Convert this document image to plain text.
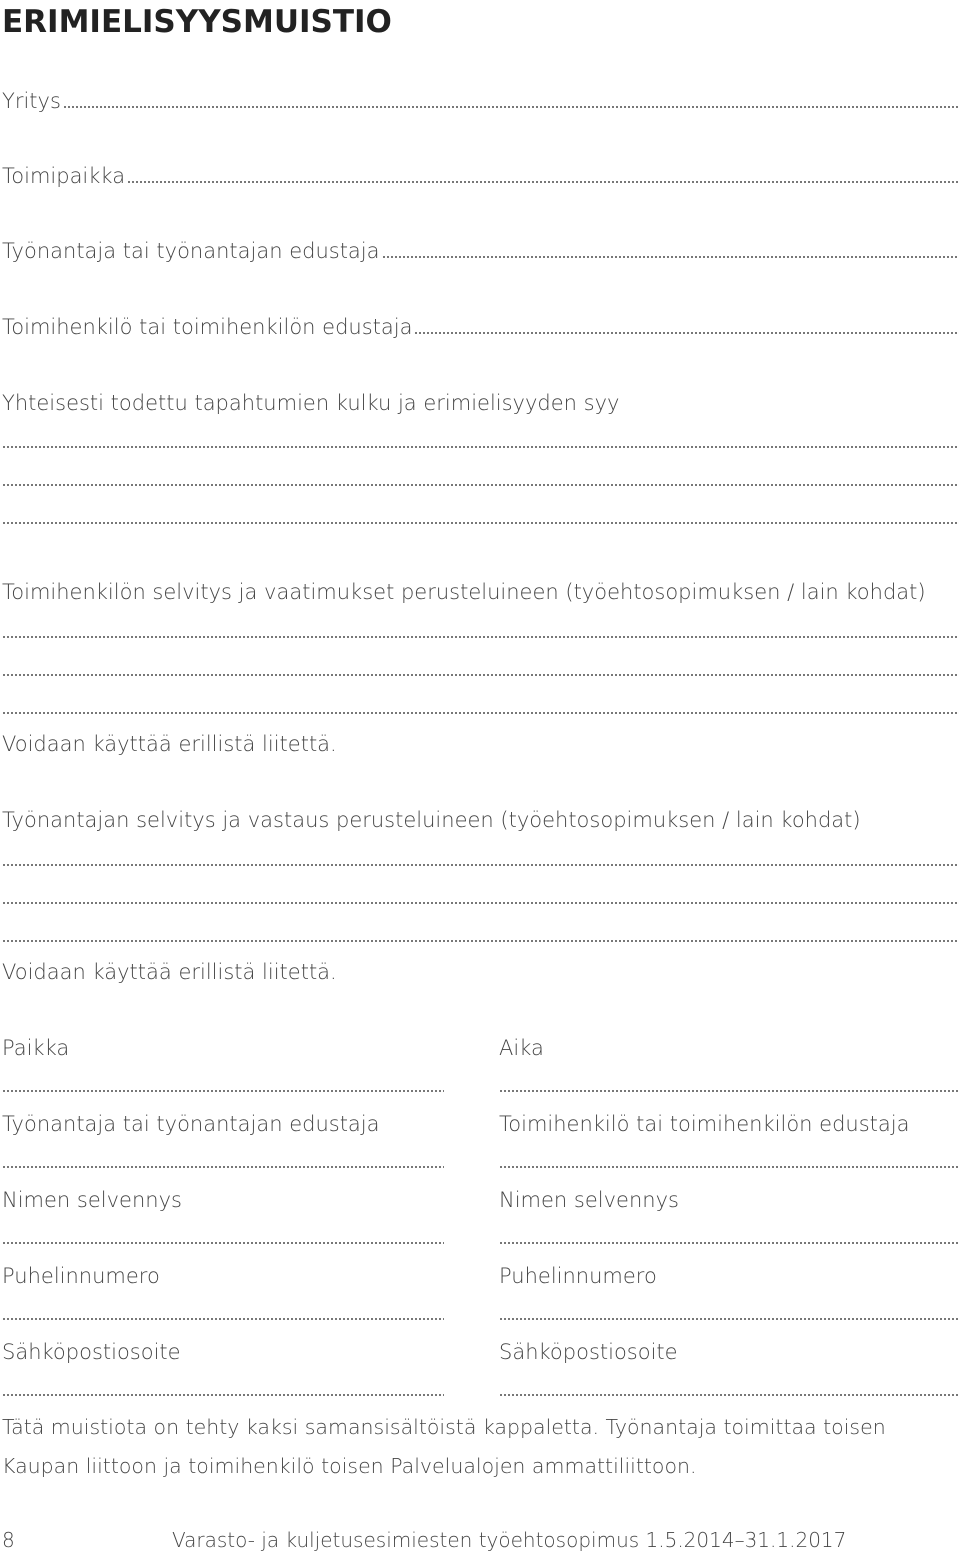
ERIMIELISYYSMUISTIO
Yritys
Toimipaikka
Työnantaja tai työnantajan edustaja
Toimihenkilö tai toimihenkilön edustaja
Yhteisesti todettu tapahtumien kulku ja erimielisyyden syy
Toimihenkilön selvitys ja vaatimukset perusteluineen (työehtosopimuksen / lain kohdat)
Voidaan käyttää erillistä liitettä.
Työnantajan selvitys ja vastaus perusteluineen (työehtosopimuksen / lain kohdat)
Voidaan käyttää erillistä liitettä.
Paikka
Työnantaja tai työnantajan edustaja
Nimen selvennys
Puhelinnumero
Sähköpostiosoite
Aika
Toimihenkilö tai toimihenkilön edustaja
Nimen selvennys
Puhelinnumero
Sähköpostiosoite
Tätä muistiota on tehty kaksi samansisältöistä kappaletta. Työnantaja toimittaa toisen
Kaupan liittoon ja toimihenkilö toisen Palvelualojen ammattiliittoon.
8	Varasto- ja kuljetusesimiesten työehtosopimus 1.5.2014–31.1.2017
